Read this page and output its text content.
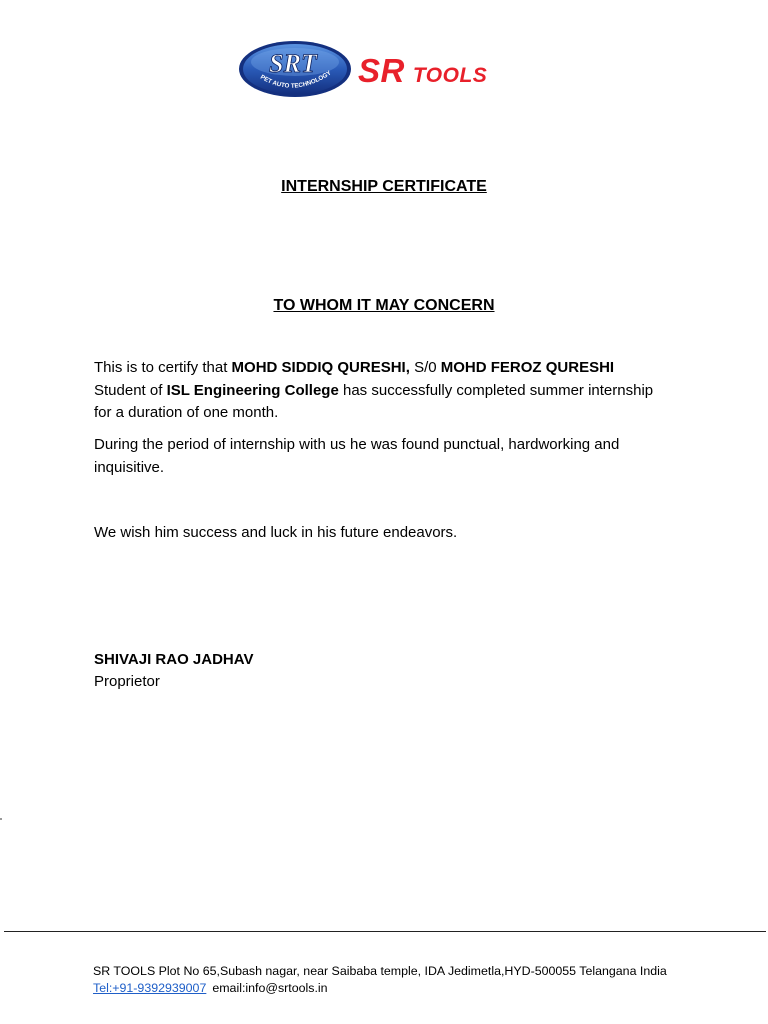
SRT
PET AUTO TECHNOLOGY SR TOOLS
INTERNSHIP CERTIFICATE
TO WHOM IT MAY CONCERN
This is to certify that MOHD SIDDIQ QURESHI, S/0 MOHD FEROZ QURESHI
Student of ISL Engineering College has successfully completed summer internship for a duration of one month.
During the period of internship with us he was found punctual, hardworking and inquisitive.
We wish him success and luck in his future endeavors.
SHIVAJI RAO JADHAV
Proprietor
SR TOOLS Plot No 65,Subash nagar, near Saibaba temple, IDA Jedimetla,HYD-500055 Telangana India
Tel:+91-9392939007 email:info@srtools.in
